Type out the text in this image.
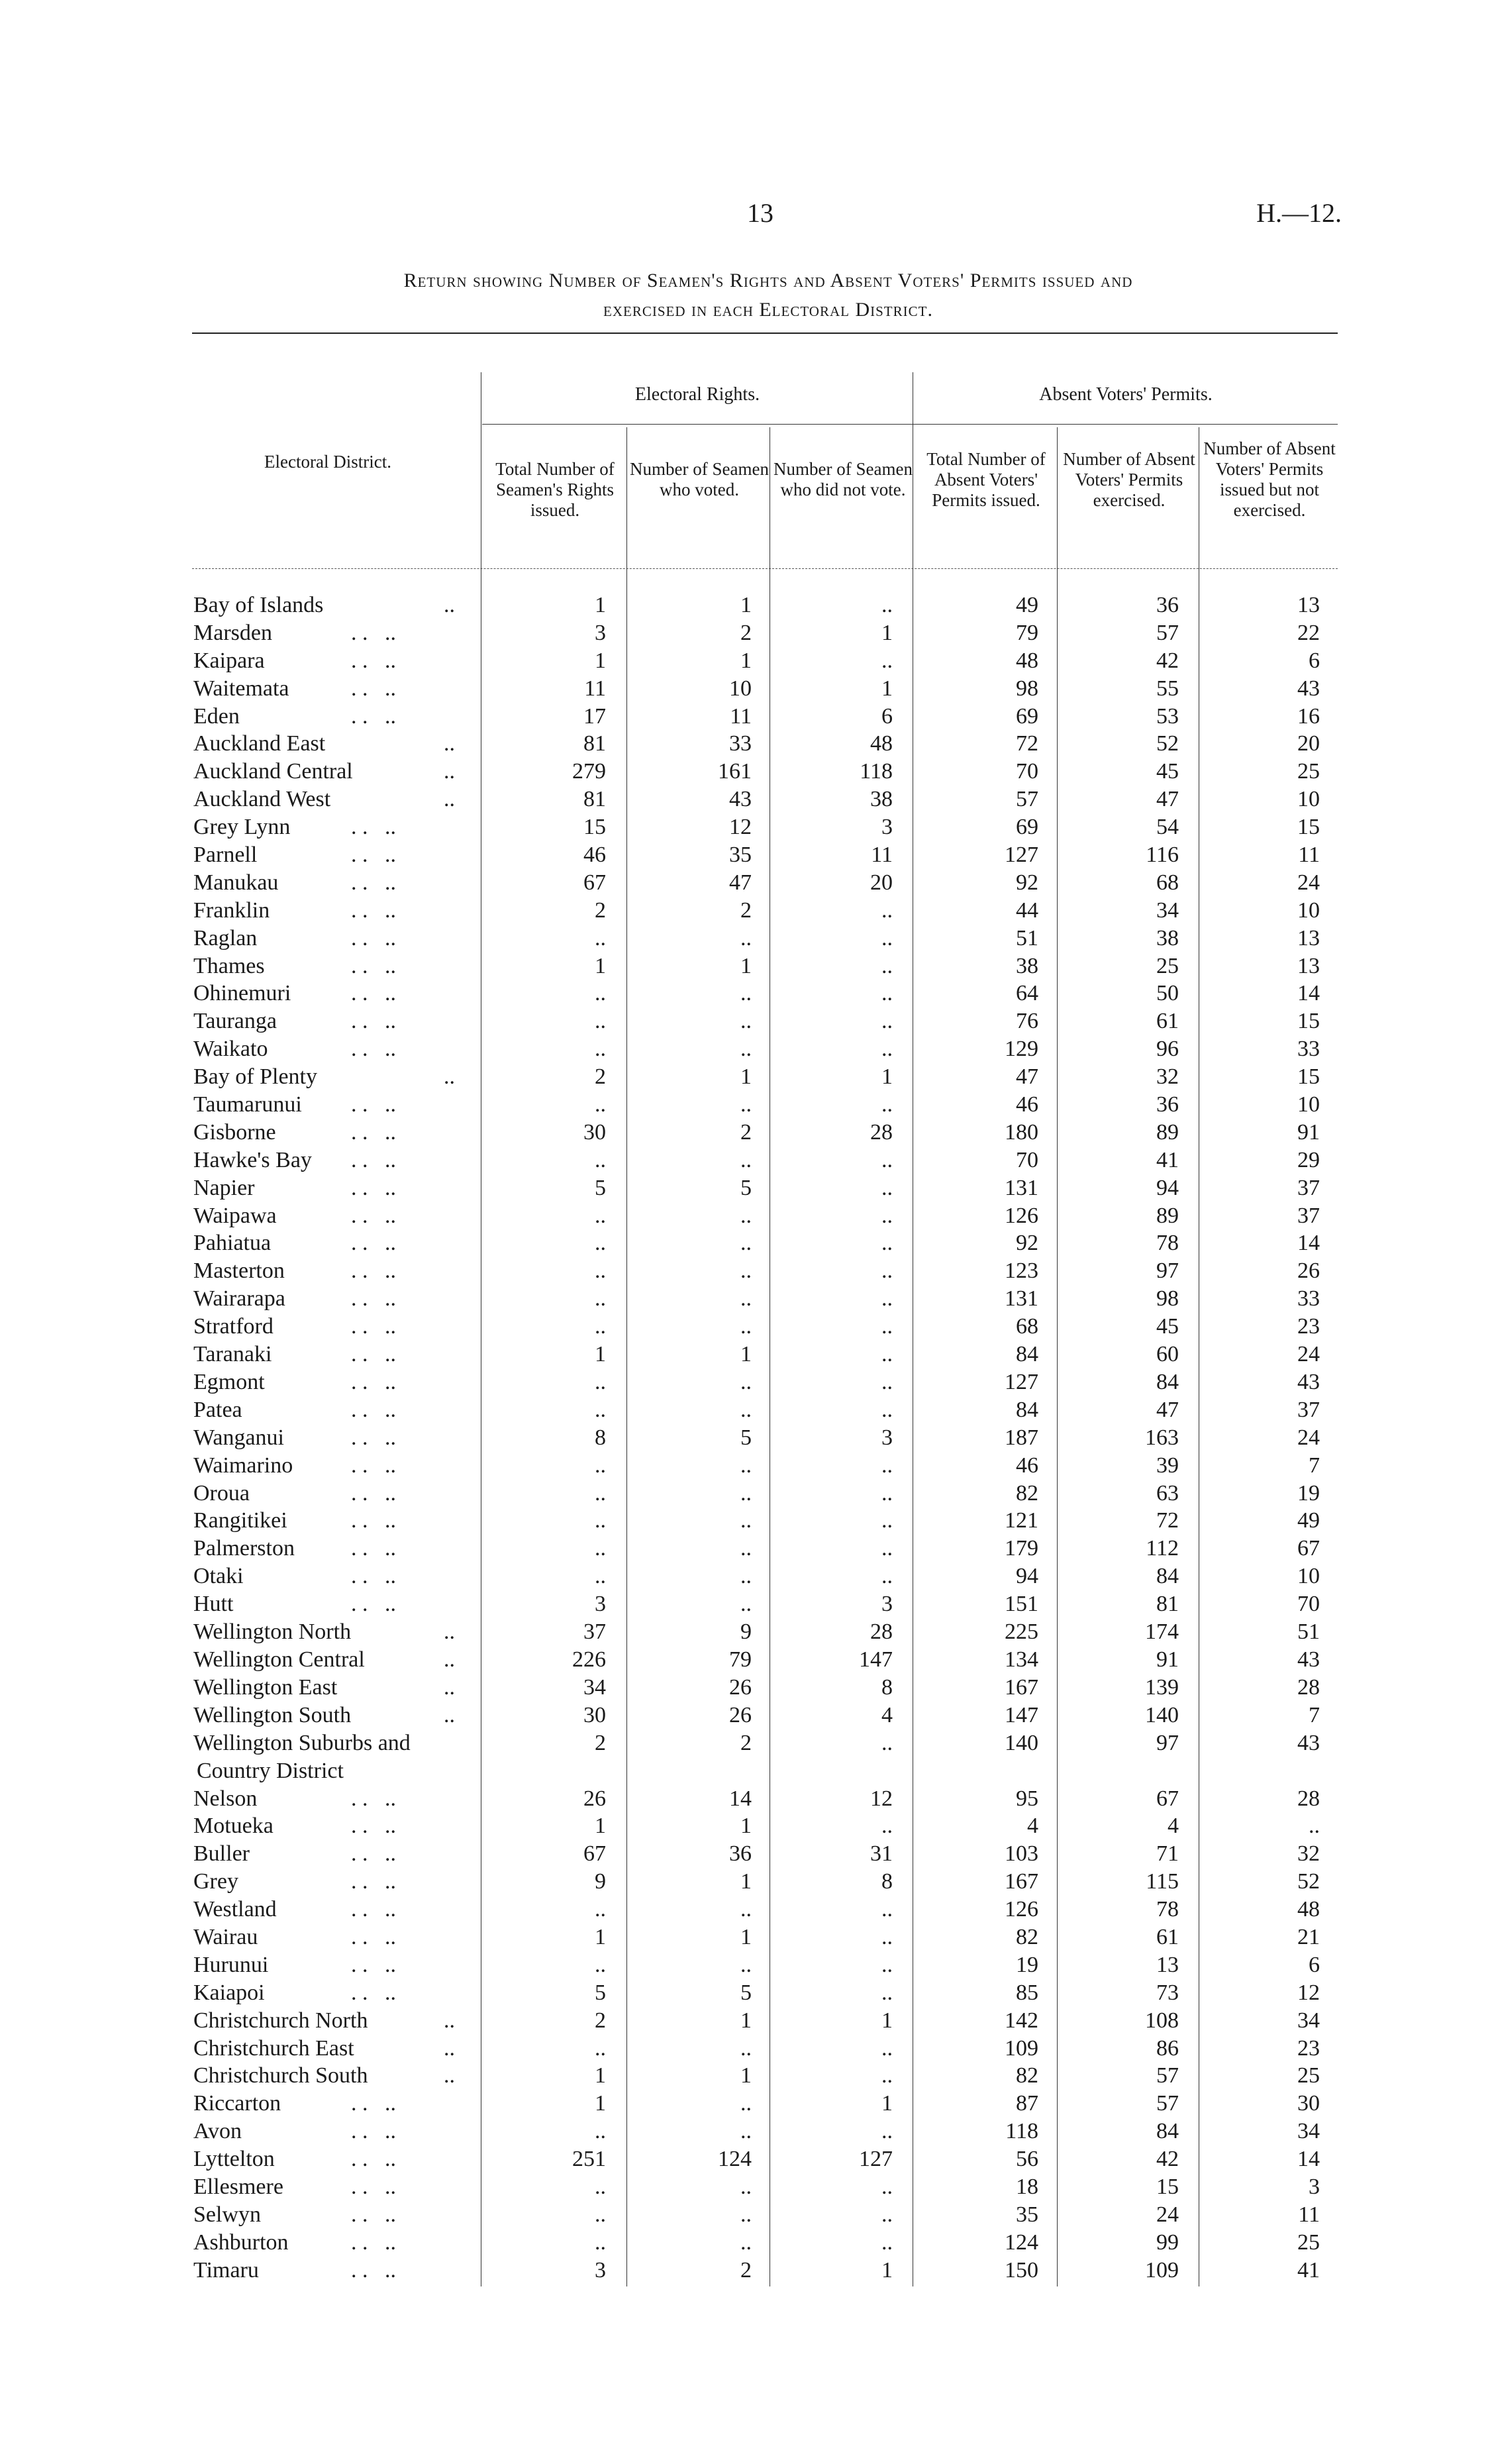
13	H.—12.
Return showing Number of Seamen's Rights and Absent Voters' Permits issued and
exercised in each Electoral District.
Electoral District.
Electoral Rights.	Absent Voters' Permits.
Total Number of Seamen's Rights issued.
Number of Seamen who voted.
Number of Seamen who did not vote.
Total Number of Absent Voters' Permits issued.
Number of Absent Voters' Permits exercised.
Number of Absent Voters' Permits issued but not exercised.
Bay of Islands	..	1	1	..	49	36	13
Marsden	. .   ..	3	2	1	79	57	22
Kaipara	. .   ..	1	1	..	48	42	6
Waitemata	. .   ..	11	10	1	98	55	43
Eden	. .   ..	17	11	6	69	53	16
Auckland East	..	81	33	48	72	52	20
Auckland Central	..	279	161	118	70	45	25
Auckland West	..	81	43	38	57	47	10
Grey Lynn	. .   ..	15	12	3	69	54	15
Parnell	. .   ..	46	35	11	127	116	11
Manukau	. .   ..	67	47	20	92	68	24
Franklin	. .   ..	2	2	..	44	34	10
Raglan	. .   ..	..	..	..	51	38	13
Thames	. .   ..	1	1	..	38	25	13
Ohinemuri	. .   ..	..	..	..	64	50	14
Tauranga	. .   ..	..	..	..	76	61	15
Waikato	. .   ..	..	..	..	129	96	33
Bay of Plenty	..	2	1	1	47	32	15
Taumarunui . .   ..	..	..	..	46	36	10
Gisborne	. .   ..	30	2	28	180	89	91
Hawke's Bay . .   ..	..	..	..	70	41	29
Napier	. .   ..	5	5	..	131	94	37
Waipawa	. .   ..	..	..	..	126	89	37
Pahiatua	. .   ..	..	..	..	92	78	14
Masterton	. .   ..	..	..	..	123	97	26
Wairarapa	. .   ..	..	..	..	131	98	33
Stratford	. .   ..	..	..	..	68	45	23
Taranaki	. .   ..	1	1	..	84	60	24
Egmont	. .   ..	..	..	..	127	84	43
Patea	. .   ..	..	..	..	84	47	37
Wanganui	. .   ..	8	5	3	187	163	24
Waimarino	. .   ..	..	..	..	46	39	7
Oroua	. .   ..	..	..	..	82	63	19
Rangitikei	. .   ..	..	..	..	121	72	49
Palmerston	. .   ..	..	..	..	179	112	67
Otaki	. .   ..	..	..	..	94	84	10
Hutt	. .   ..	3	..	3	151	81	70
Wellington North	..	37	9	28	225	174	51
Wellington Central	..	226	79	147	134	91	43
Wellington East	..	34	26	8	167	139	28
Wellington South	..	30	26	4	147	140	7
Wellington Suburbs and
Country District
2	2	..	140	97	43
Nelson	. .   ..	26	14	12	95	67	28
Motueka	. .   ..	1	1	..	4	4	..
Buller	. .   ..	67	36	31	103	71	32
Grey	. .   ..	9	1	8	167	115	52
Westland	. .   ..	..	..	..	126	78	48
Wairau	. .   ..	1	1	..	82	61	21
Hurunui	. .   ..	..	..	..	19	13	6
Kaiapoi	. .   ..	5	5	..	85	73	12
Christchurch North	..	2	1	1	142	108	34
Christchurch East	..	..	..	..	109	86	23
Christchurch South	..	1	1	..	82	57	25
Riccarton	. .   ..	1	..	1	87	57	30
Avon	. .   ..	..	..	..	118	84	34
Lyttelton	. .   ..	251	124	127	56	42	14
Ellesmere	. .   ..	..	..	..	18	15	3
Selwyn	. .   ..	..	..	..	35	24	11
Ashburton	. .   ..	..	..	..	124	99	25
Timaru	. .   ..	3	2	1	150	109	41
